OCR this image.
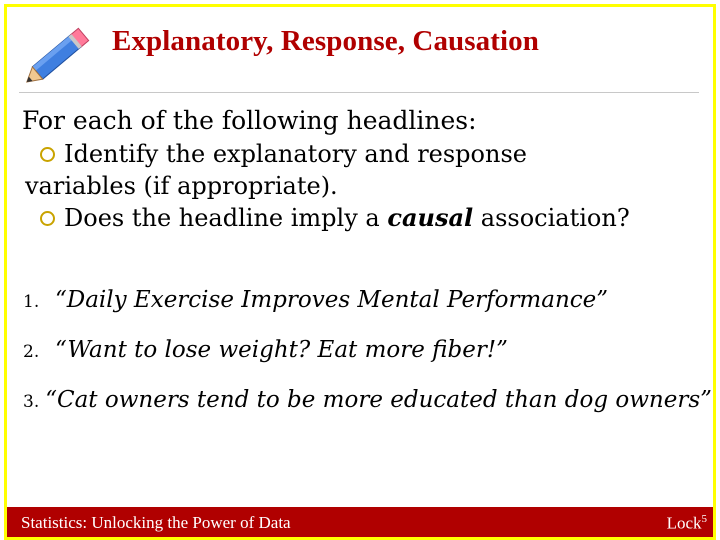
Explanatory, Response, Causation
For each of the following headlines:
Identify the explanatory and response
variables (if appropriate).
Does the headline imply a causal association?
1. “Daily Exercise Improves Mental Performance”
2. “Want to lose weight? Eat more fiber!”
3. “Cat owners tend to be more educated than dog owners”
Statistics: Unlocking the Power of Data	Lock$^5$
